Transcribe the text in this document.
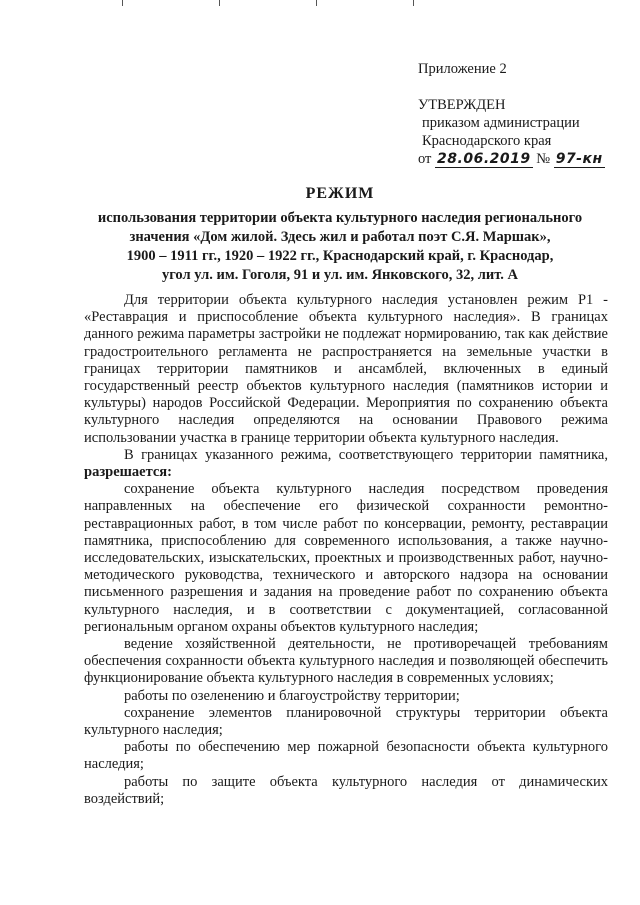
Приложение 2
УТВЕРЖДЕН
приказом администрации
Краснодарского края
от 28.06.2019 № 97-кн
РЕЖИМ
использования территории объекта культурного наследия регионального
значения «Дом жилой. Здесь жил и работал поэт С.Я. Маршак»,
1900 – 1911 гг., 1920 – 1922 гг., Краснодарский край, г. Краснодар,
угол ул. им. Гоголя, 91 и ул. им. Янковского, 32, лит. А

Для территории объекта культурного наследия установлен режим Р1 - «Реставрация и приспособление объекта культурного наследия». В границах данного режима параметры застройки не подлежат нормированию, так как действие градостроительного регламента не распространяется на земельные участки в границах территории памятников и ансамблей, включенных в единый государственный реестр объектов культурного наследия (памятников истории и культуры) народов Российской Федерации. Мероприятия по сохранению объекта культурного наследия определяются на основании Правового режима использовании участка в границе территории объекта культурного наследия.

В границах указанного режима, соответствующего территории памятника, разрешается:

сохранение объекта культурного наследия посредством проведения направленных на обеспечение его физической сохранности ремонтно-реставрационных работ, в том числе работ по консервации, ремонту, реставрации памятника, приспособлению для современного использования, а также научно-исследовательских, изыскательских, проектных и производственных работ, научно-методического руководства, технического и авторского надзора на основании письменного разрешения и задания на проведение работ по сохранению объекта культурного наследия, и в соответствии с документацией, согласованной региональным органом охраны объектов культурного наследия;

ведение хозяйственной деятельности, не противоречащей требованиям обеспечения сохранности объекта культурного наследия и позволяющей обеспечить функционирование объекта культурного наследия в современных условиях;

работы по озеленению и благоустройству территории;

сохранение элементов планировочной структуры территории объекта культурного наследия;

работы по обеспечению мер пожарной безопасности объекта культурного наследия;

работы по защите объекта культурного наследия от динамических воздействий;
